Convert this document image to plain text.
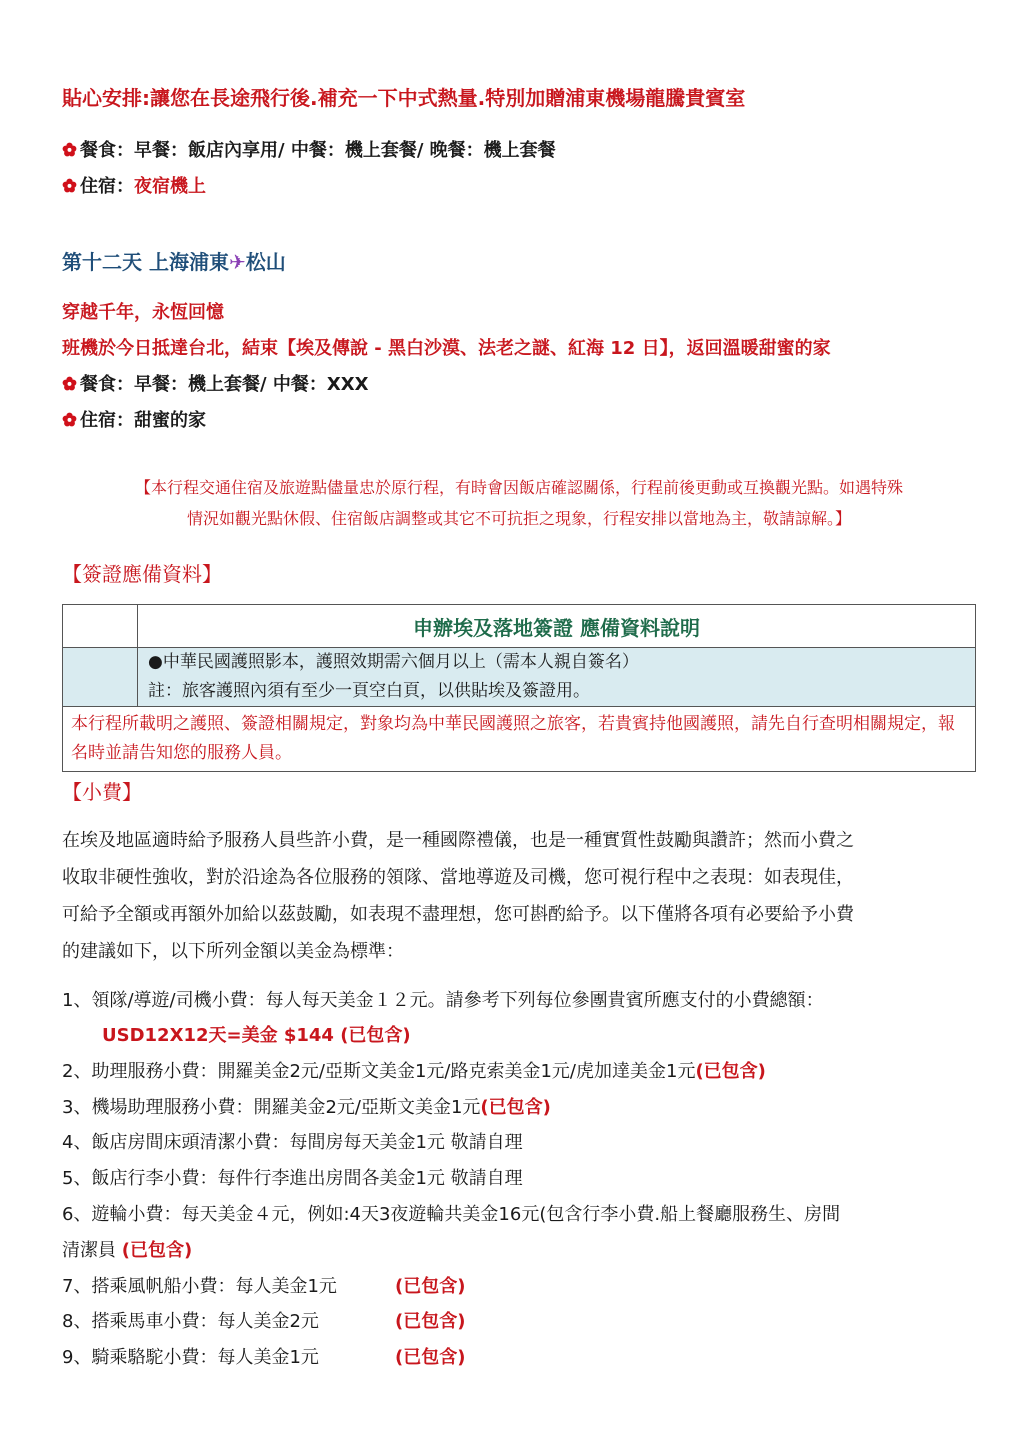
貼心安排:讓您在長途飛行後.補充一下中式熱量.特別加贈浦東機場龍騰貴賓室
餐食：早餐：飯店內享用/ 中餐：機上套餐/ 晚餐：機上套餐
住宿：夜宿機上
第十二天 上海浦東✈松山
穿越千年，永恆回憶
班機於今日抵達台北，結束【埃及傳說 - 黑白沙漠、法老之謎、紅海 12 日】，返回溫暖甜蜜的家
餐食：早餐：機上套餐/ 中餐：XXX
住宿：甜蜜的家
【本行程交通住宿及旅遊點儘量忠於原行程，有時會因飯店確認關係，行程前後更動或互換觀光點。如遇特殊
情況如觀光點休假、住宿飯店調整或其它不可抗拒之現象，行程安排以當地為主，敬請諒解。】
【簽證應備資料】
	申辦埃及落地簽證 應備資料說明

	●中華民國護照影本，護照效期需六個月以上（需本人親自簽名）
註：旅客護照內須有至少一頁空白頁，以供貼埃及簽證用。

本行程所載明之護照、簽證相關規定，對象均為中華民國護照之旅客，若貴賓持他國護照，請先自行查明相關規定，報名時並請告知您的服務人員。	
【小費】
在埃及地區適時給予服務人員些許小費，是一種國際禮儀，也是一種實質性鼓勵與讚許；然而小費之
收取非硬性強收，對於沿途為各位服務的領隊、當地導遊及司機，您可視行程中之表現：如表現佳，
可給予全額或再額外加給以茲鼓勵，如表現不盡理想，您可斟酌給予。以下僅將各項有必要給予小費
的建議如下，以下所列金額以美金為標準：
1、領隊/導遊/司機小費：每人每天美金１２元。請參考下列每位參團貴賓所應支付的小費總額：
USD12X12天=美金 $144 (已包含)
2、助理服務小費：開羅美金2元/亞斯文美金1元/路克索美金1元/虎加達美金1元(已包含)
3、機場助理服務小費：開羅美金2元/亞斯文美金1元(已包含)
4、飯店房間床頭清潔小費：每間房每天美金1元 敬請自理
5、飯店行李小費：每件行李進出房間各美金1元 敬請自理
6、遊輪小費：每天美金４元，例如:4天3夜遊輪共美金16元(包含行李小費.船上餐廳服務生、房間
清潔員 (已包含)
7、搭乘風帆船小費：每人美金1元	(已包含)
8、搭乘馬車小費：每人美金2元	(已包含)
9、騎乘駱駝小費：每人美金1元	(已包含)
